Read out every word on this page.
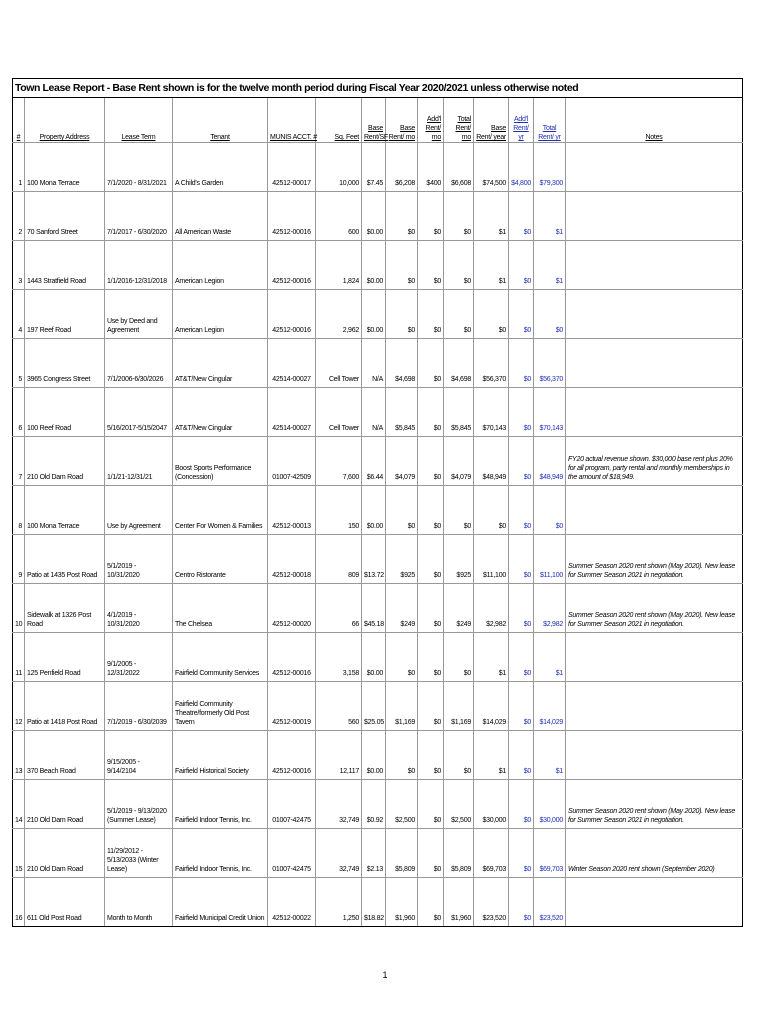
Town Lease Report - Base Rent shown is for the twelve month period during Fiscal Year 2020/2021 unless otherwise noted													
#	Property Address	Lease Term	Tenant	MUNIS ACCT. #	Sq. Feet	Base Rent/SF	Base Rent/ mo	Add'l Rent/ mo	Total Rent/ mo	Base Rent/ year	Add'l Rent/ yr	Total Rent/ yr	Notes
1	100 Mona Terrace	7/1/2020 - 8/31/2021	A Child's Garden	42512-00017	10,000	$7.45	$6,208	$400	$6,608	$74,500	$4,800	$79,300	
2	70 Sanford Street	7/1/2017 - 6/30/2020	All American Waste	42512-00016	600	$0.00	$0	$0	$0	$1	$0	$1	
3	1443 Stratfield Road	1/1/2016-12/31/2018	American Legion	42512-00016	1,824	$0.00	$0	$0	$0	$1	$0	$1	
4	197 Reef Road	Use by Deed and Agreement	American Legion	42512-00016	2,962	$0.00	$0	$0	$0	$0	$0	$0	
5	3965 Congress Street	7/1/2006-6/30/2026	AT&T/New Cingular	42514-00027	Cell Tower	N/A	$4,698	$0	$4,698	$56,370	$0	$56,370	
6	100 Reef Road	5/16/2017-5/15/2047	AT&T/New Cingular	42514-00027	Cell Tower	N/A	$5,845	$0	$5,845	$70,143	$0	$70,143	
7	210 Old Dam Road	1/1/21-12/31/21	Boost Sports Performance (Concession)	01007-42509	7,600	$6.44	$4,079	$0	$4,079	$48,949	$0	$48,949	FY20 actual revenue shown. $30,000 base rent plus 20% for all program, party rental and monthly memberships in the amount of $18,949.
8	100 Mona Terrace	Use by Agreement	Center For Women & Families	42512-00013	150	$0.00	$0	$0	$0	$0	$0	$0	
9	Patio at 1435 Post Road	5/1/2019 - 10/31/2020	Centro Ristorante	42512-00018	809	$13.72	$925	$0	$925	$11,100	$0	$11,100	Summer Season 2020 rent shown (May 2020). New lease for Summer Season 2021 in negotiation.
10	Sidewalk at 1326 Post Road	4/1/2019 - 10/31/2020	The Chelsea	42512-00020	66	$45.18	$249	$0	$249	$2,982	$0	$2,982	Summer Season 2020 rent shown (May 2020). New lease for Summer Season 2021 in negotiation.
11	125 Penfield Road	9/1/2005 - 12/31/2022	Fairfield Community Services	42512-00016	3,158	$0.00	$0	$0	$0	$1	$0	$1	
12	Patio at 1418 Post Road	7/1/2019 - 6/30/2039	Fairfield Community Theatre/formerly Old Post Tavern	42512-00019	560	$25.05	$1,169	$0	$1,169	$14,029	$0	$14,029	
13	370 Beach Road	9/15/2005 - 9/14/2104	Fairfield Historical Society	42512-00016	12,117	$0.00	$0	$0	$0	$1	$0	$1	
14	210 Old Dam Road	5/1/2019 - 9/13/2020 (Summer Lease)	Fairfield Indoor Tennis, Inc.	01007-42475	32,749	$0.92	$2,500	$0	$2,500	$30,000	$0	$30,000	Summer Season 2020 rent shown (May 2020). New lease for Summer Season 2021 in negotiation.
15	210 Old Dam Road	11/29/2012 - 5/13/2033 (Winter Lease)	Fairfield Indoor Tennis, Inc.	01007-42475	32,749	$2.13	$5,809	$0	$5,809	$69,703	$0	$69,703	Winter Season 2020 rent shown (September 2020)
16	611 Old Post Road	Month to Month	Fairfield Municipal Credit Union	42512-00022	1,250	$18.82	$1,960	$0	$1,960	$23,520	$0	$23,520	
1
